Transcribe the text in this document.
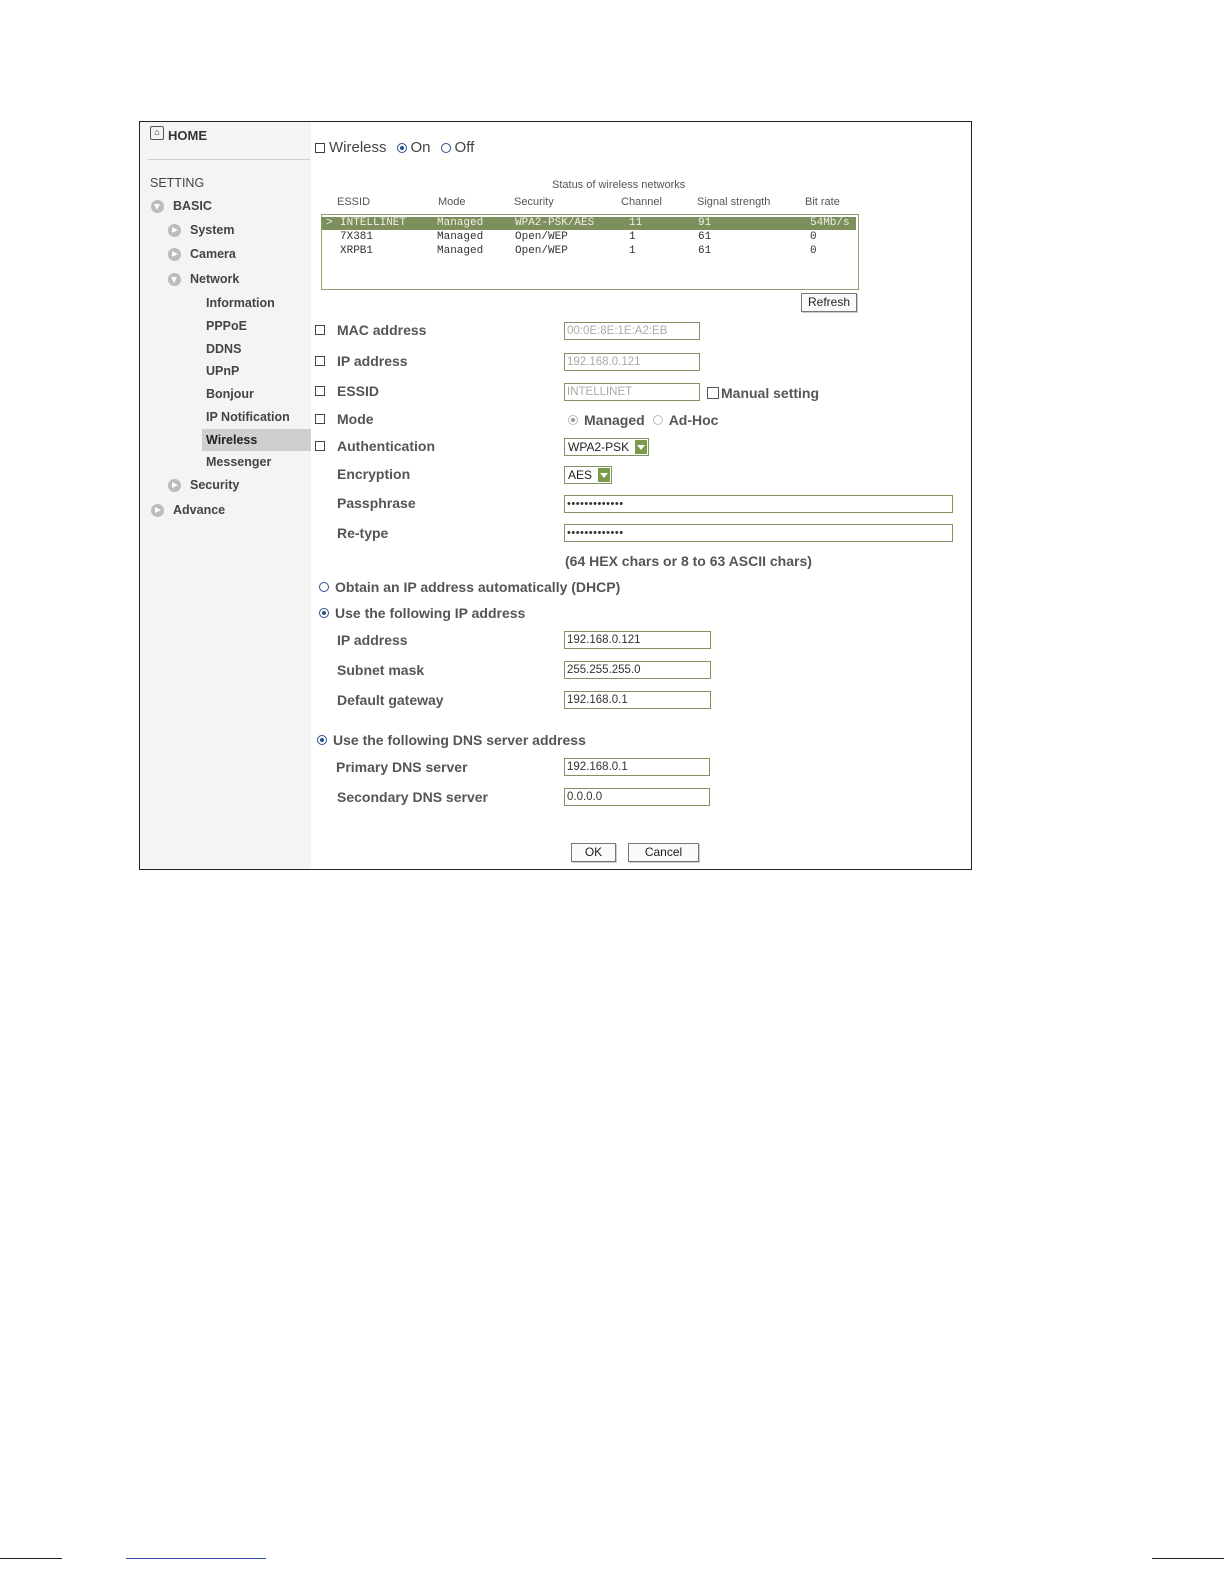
⌂ HOME
SETTING
BASIC
System
Camera
Network
Information
PPPoE
DDNS
UPnP
Bonjour
IP Notification
Wireless
Messenger
Security
Advance
Wireless On Off
Status of wireless networks
ESSID	Mode	Security	Channel	Signal strength	Bit rate
> INTELLINET	Managed	WPA2-PSK/AES	11	91	54Mb/s
7X381	Managed	Open/WEP	1	61	0
XRPB1	Managed	Open/WEP	1	61	0
Refresh
MAC address	00:0E:8E:1E:A2:EB
IP address	192.168.0.121
ESSID	INTELLINET	Manual setting
Mode	Managed Ad-Hoc
Authentication	WPA2-PSK
Encryption	AES
Passphrase	•••••••••••••
Re-type	•••••••••••••
(64 HEX chars or 8 to 63 ASCII chars)
Obtain an IP address automatically (DHCP)
Use the following IP address
IP address	192.168.0.121
Subnet mask	255.255.255.0
Default gateway	192.168.0.1
Use the following DNS server address
Primary DNS server	192.168.0.1
Secondary DNS server	0.0.0.0
OK	Cancel
